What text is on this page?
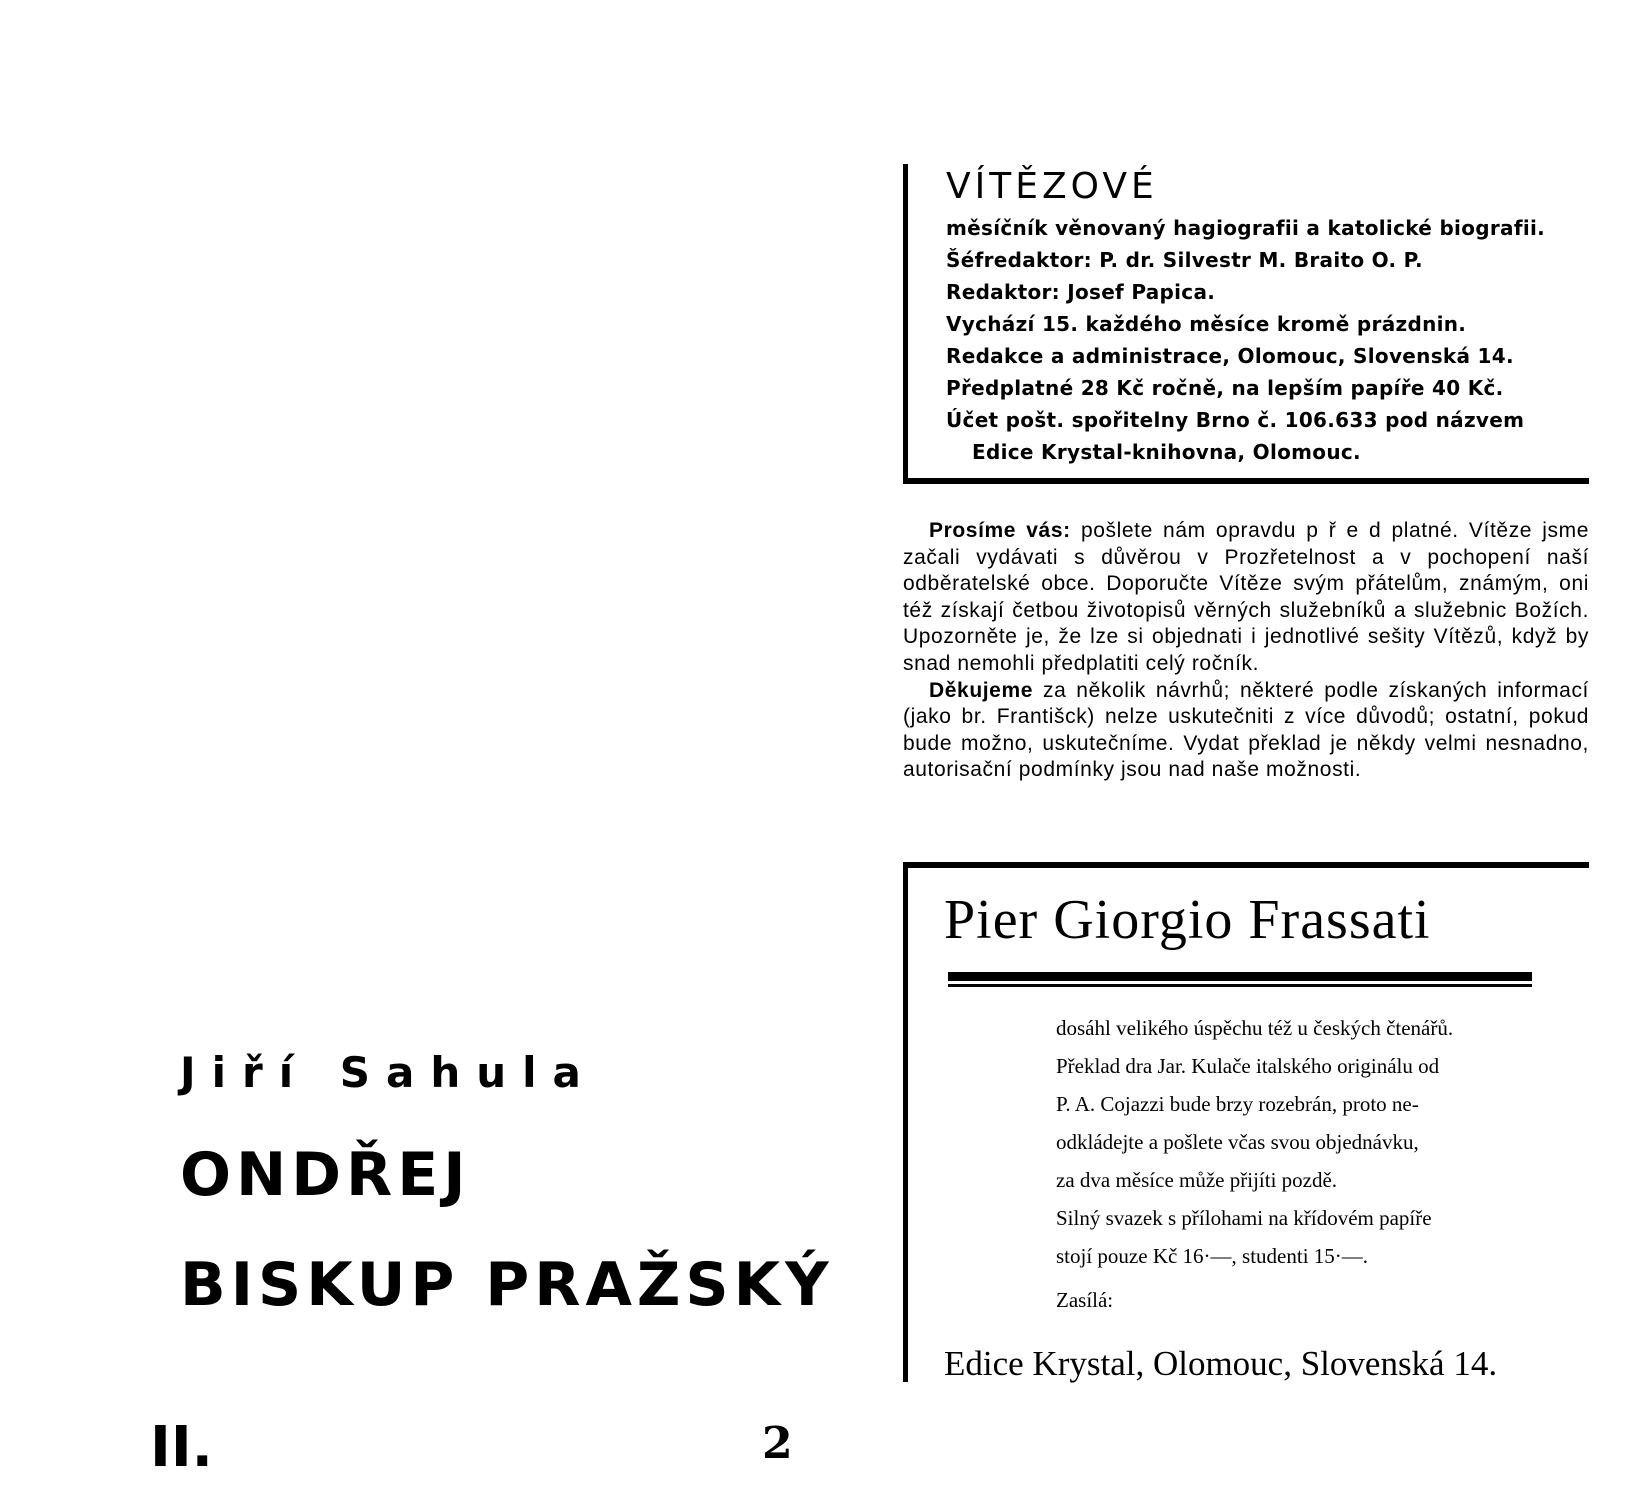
Jiří Sahula
ONDŘEJ
BISKUP PRAŽSKÝ
II.	2
VÍTĚZOVÉ
měsíčník věnovaný hagiografii a katolické biografii.
Šéfredaktor: P. dr. Silvestr M. Braito O. P.
Redaktor: Josef Papica.
Vychází 15. každého měsíce kromě prázdnin.
Redakce a administrace, Olomouc, Slovenská 14.
Předplatné 28 Kč ročně, na lepším papíře 40 Kč.
Účet pošt. spořitelny Brno č. 106.633 pod názvem
Edice Krystal-knihovna, Olomouc.

Prosíme vás: pošlete nám opravdu p ř e d platné. Vítěze jsme začali vydávati s důvěrou v Prozřetelnost a v pochopení naší odběratelské obce. Doporučte Vítěze svým přátelům, známým, oni též získají četbou životopisů věrných služebníků a služebnic Božích. Upozorněte je, že lze si objednati i jednotlivé sešity Vítězů, když by snad nemohli předplatiti celý ročník.

Děkujeme za několik návrhů; některé podle získaných informací (jako br. Františck) nelze uskutečniti z více důvodů; ostatní, pokud bude možno, uskutečníme. Vydat překlad je někdy velmi nesnadno, autorisační podmínky jsou nad naše možnosti.

Pier Giorgio Frassati
dosáhl velikého úspěchu též u českých čtenářů.
Překlad dra Jar. Kulače italského originálu od
P. A. Cojazzi bude brzy rozebrán, proto ne-
odkládejte a pošlete včas svou objednávku,
za dva měsíce může přijíti pozdě.
Silný svazek s přílohami na křídovém papíře
stojí pouze Kč 16·—, studenti 15·—.
Zasílá:
Edice Krystal, Olomouc, Slovenská 14.
